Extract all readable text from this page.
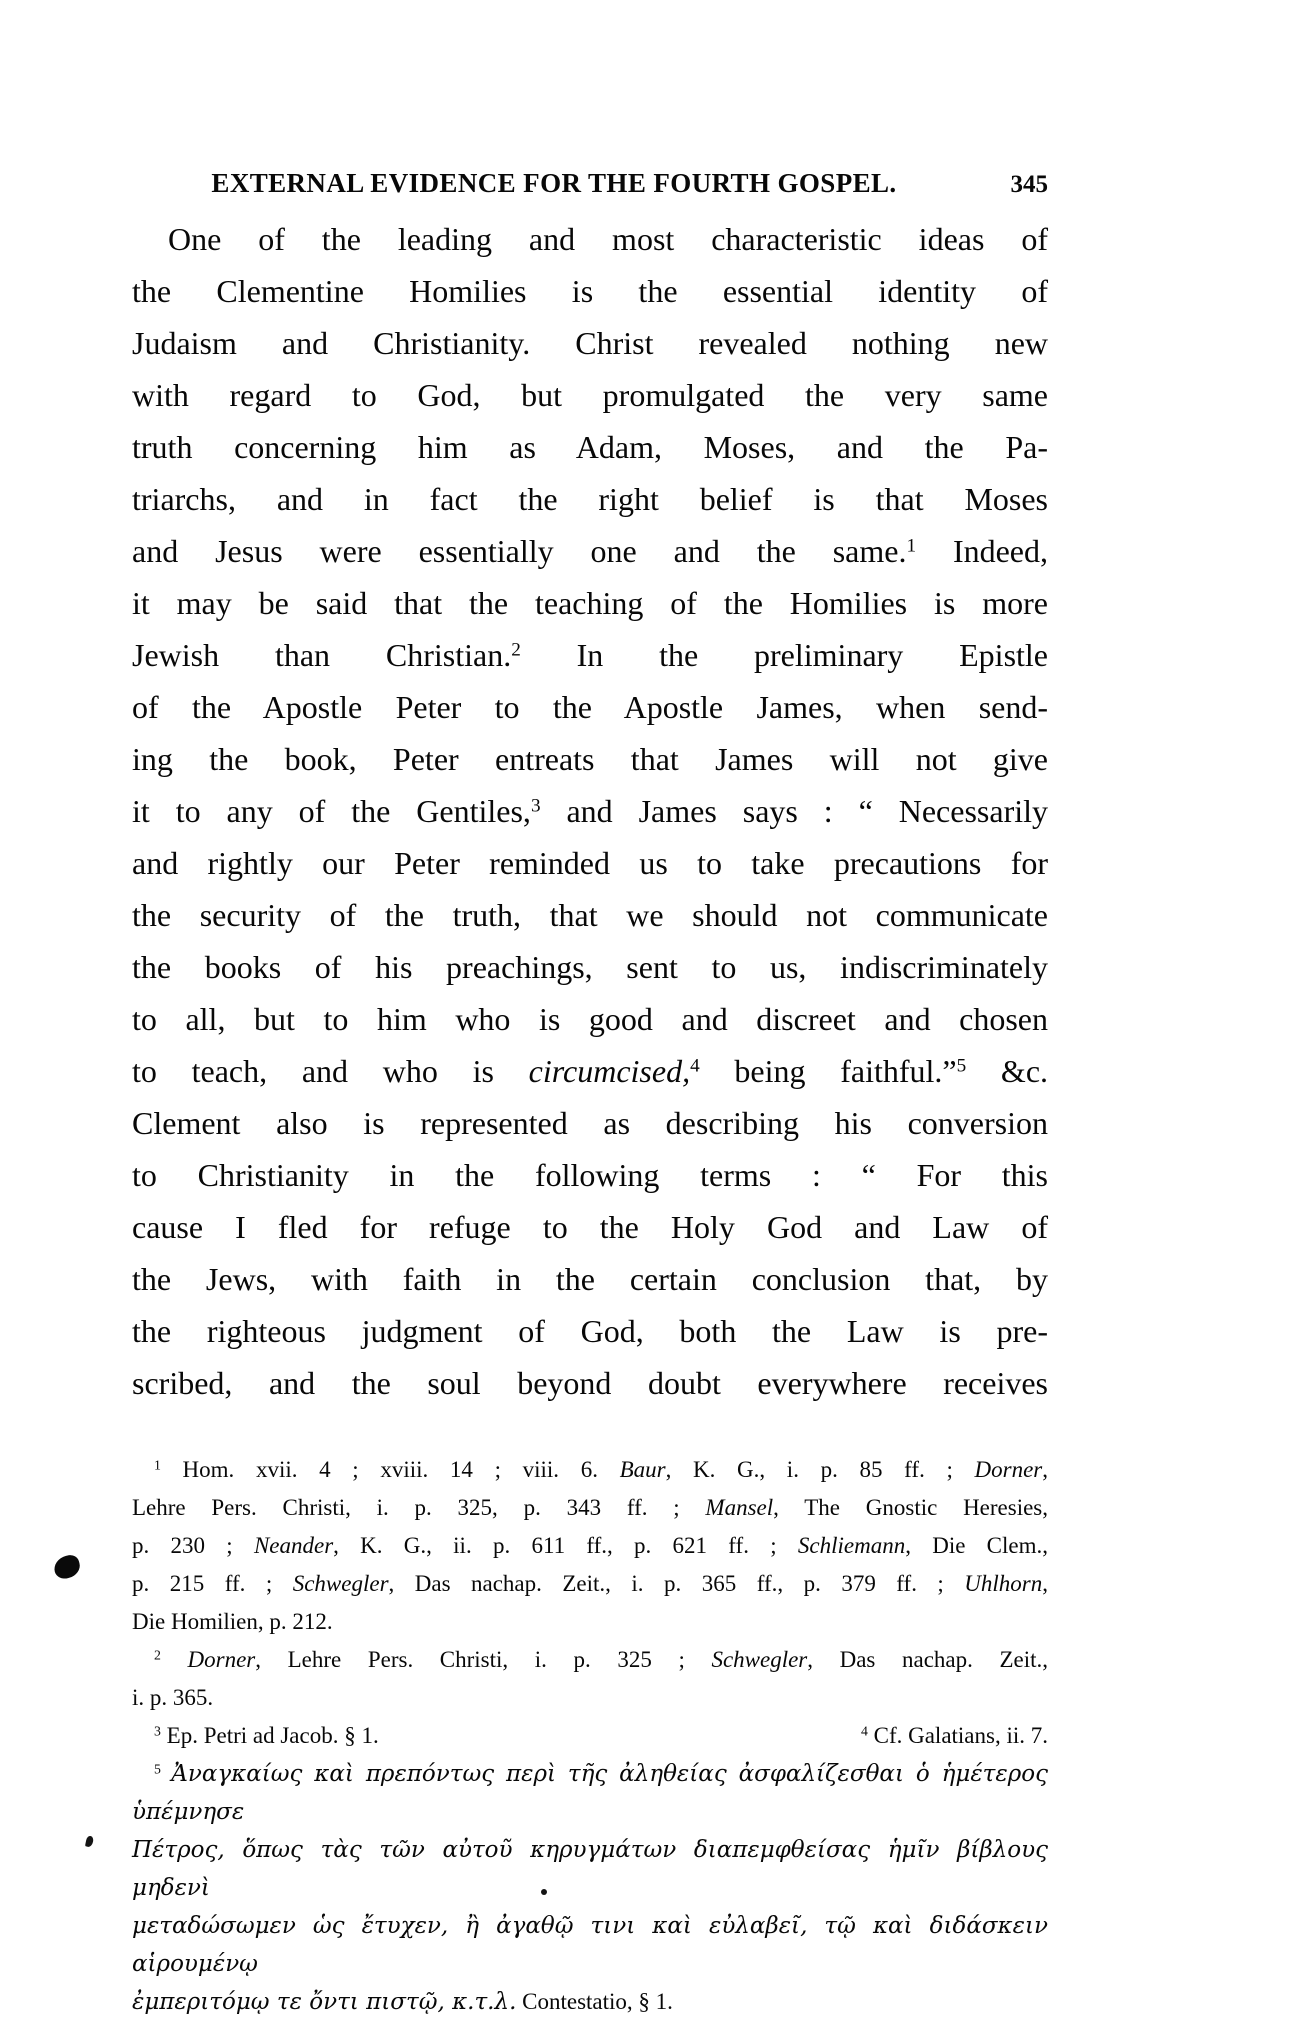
EXTERNAL EVIDENCE FOR THE FOURTH GOSPEL.	345
One of the leading and most characteristic ideas of
the Clementine Homilies is the essential identity of
Judaism and Christianity. Christ revealed nothing new
with regard to God, but promulgated the very same
truth concerning him as Adam, Moses, and the Pa-
triarchs, and in fact the right belief is that Moses
and Jesus were essentially one and the same.$^1$ Indeed,
it may be said that the teaching of the Homilies is more
Jewish than Christian.$^2$ In the preliminary Epistle
of the Apostle Peter to the Apostle James, when send-
ing the book, Peter entreats that James will not give
it to any of the Gentiles,$^3$ and James says : “ Necessarily
and rightly our Peter reminded us to take precautions for
the security of the truth, that we should not communicate
the books of his preachings, sent to us, indiscriminately
to all, but to him who is good and discreet and chosen
to teach, and who is circumcised,$^4$ being faithful.”$^5$ &c.
Clement also is represented as describing his conversion
to Christianity in the following terms : “ For this
cause I fled for refuge to the Holy God and Law of
the Jews, with faith in the certain conclusion that, by
the righteous judgment of God, both the Law is pre-
scribed, and the soul beyond doubt everywhere receives
$^1$ Hom. xvii. 4 ; xviii. 14 ; viii. 6. Baur, K. G., i. p. 85 ff. ; Dorner,
Lehre Pers. Christi, i. p. 325, p. 343 ff. ; Mansel, The Gnostic Heresies,
p. 230 ; Neander, K. G., ii. p. 611 ff., p. 621 ff. ; Schliemann, Die Clem.,
p. 215 ff. ; Schwegler, Das nachap. Zeit., i. p. 365 ff., p. 379 ff. ; Uhlhorn,
Die Homilien, p. 212.
$^2$ Dorner, Lehre Pers. Christi, i. p. 325 ; Schwegler, Das nachap. Zeit.,
i. p. 365.
$^3$ Ep. Petri ad Jacob. § 1.	$^4$ Cf. Galatians, ii. 7.
$^5$ Ἀναγκαίως καὶ πρεπόντως περὶ τῆς ἀληθείας ἀσφαλίζεσθαι ὁ ἡμέτερος ὑπέμνησε
Πέτρος, ὅπως τὰς τῶν αὐτοῦ κηρυγμάτων διαπεμφθείσας ἡμῖν βίβλους μηδενὶ
μεταδώσωμεν ὡς ἔτυχεν, ἢ ἀγαθῷ τινι καὶ εὐλαβεῖ, τῷ καὶ διδάσκειν αἱρουμένῳ
ἐμπεριτόμῳ τε ὄντι πιστῷ, κ.τ.λ. Contestatio, § 1.
